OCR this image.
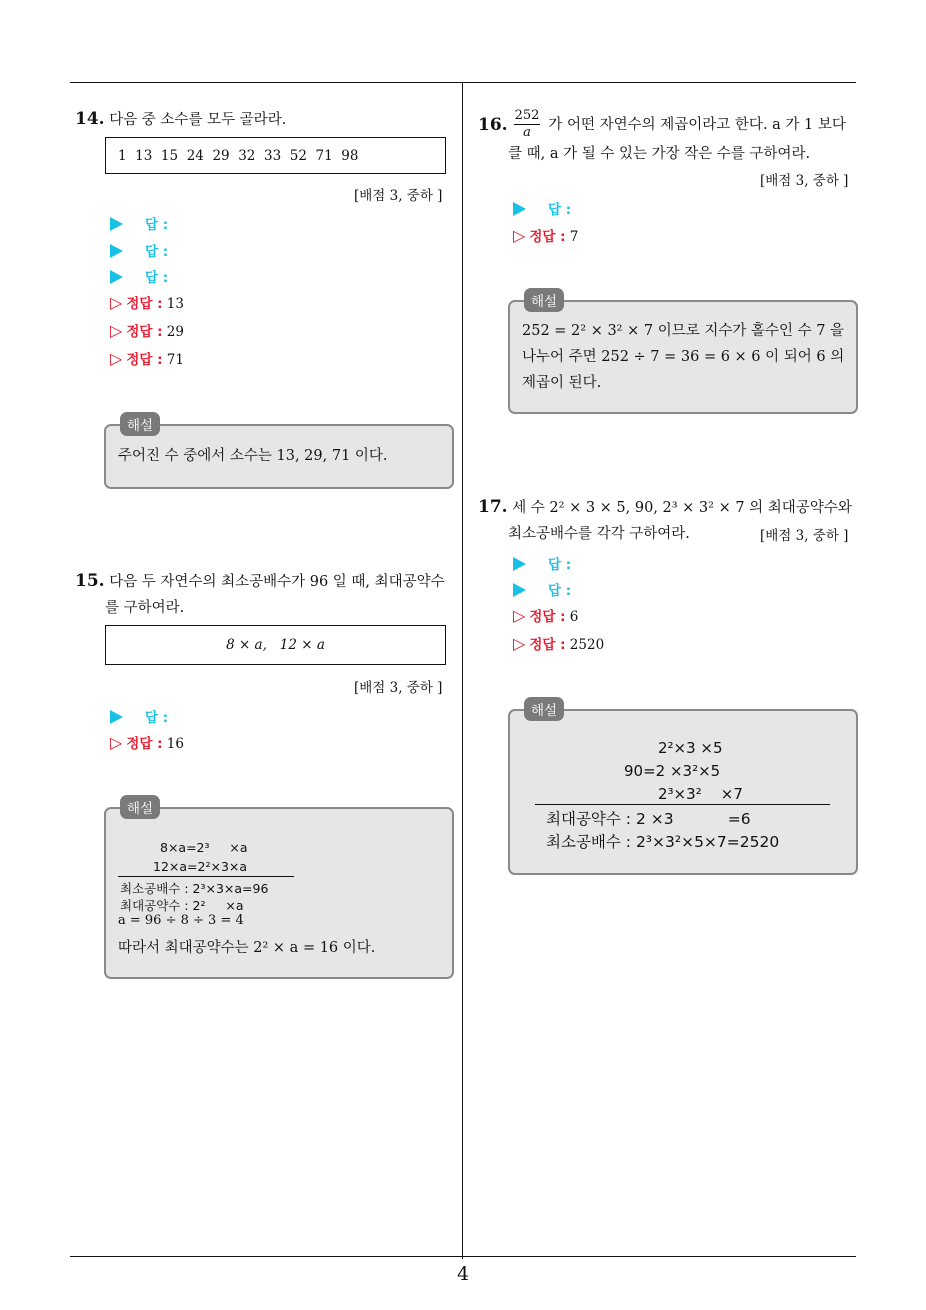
14. 다음 중 소수를 모두 골라라.
1  13  15  24  29  32  33  52  71  98
[배점 3, 중하 ]
답 :
답 :
답 :
▷ 정답 : 13
▷ 정답 : 29
▷ 정답 : 71
해설
주어진 수 중에서 소수는 13, 29, 71 이다.
15. 다음 두 자연수의 최소공배수가 96 일 때, 최대공약수
를 구하여라.
8 × a,   12 × a
[배점 3, 중하 ]
답 :
▷ 정답 : 16
해설
8×a=2³     ×a
12×a=2²×3×a
최소공배수 : 2³×3×a=96
최대공약수 : 2²     ×a
a = 96 ÷ 8 ÷ 3 = 4
따라서 최대공약수는 2² × a = 16 이다.
16. $\frac{252}{a}$ 가 어떤 자연수의 제곱이라고 한다. a 가 1 보다
클 때, a 가 될 수 있는 가장 작은 수를 구하여라.
[배점 3, 중하 ]
답 :
▷ 정답 : 7
해설
252 = 2² × 3² × 7 이므로 지수가 홀수인 수 7 을
나누어 주면 252 ÷ 7 = 36 = 6 × 6 이 되어 6 의
제곱이 된다.
17. 세 수 2² × 3 × 5, 90, 2³ × 3² × 7 의 최대공약수와
최소공배수를 각각 구하여라.	[배점 3, 중하 ]
답 :
답 :
▷ 정답 : 6
▷ 정답 : 2520
해설
2²×3 ×5
90=2 ×3²×5
2³×3²    ×7
최대공약수 : 2 ×3           =6
최소공배수 : 2³×3²×5×7=2520
4
